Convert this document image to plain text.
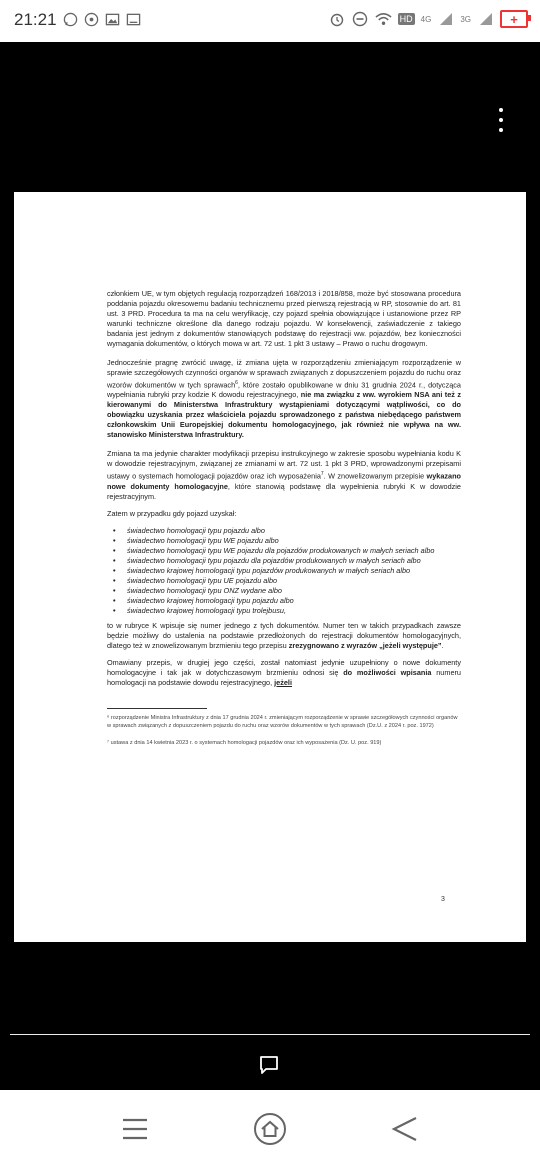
21:21	HD 4G	3G	+

członkiem UE, w tym objętych regulacją rozporządzeń 168/2013 i 2018/858, może być stosowana procedura poddania pojazdu okresowemu badaniu technicznemu przed pierwszą rejestracją w RP, stosownie do art. 81 ust. 3 PRD. Procedura ta ma na celu weryfikację, czy pojazd spełnia obowiązujące i ustanowione przez RP warunki techniczne określone dla danego rodzaju pojazdu. W konsekwencji, zaświadczenie z takiego badania jest jednym z dokumentów stanowiących podstawę do rejestracji ww. pojazdów, bez konieczności wymagania dokumentów, o których mowa w art. 72 ust. 1 pkt 3 ustawy – Prawo o ruchu drogowym.

Jednocześnie pragnę zwrócić uwagę, iż zmiana ujęta w rozporządzeniu zmieniającym rozporządzenie w sprawie szczegółowych czynności organów w sprawach związanych z dopuszczeniem pojazdu do ruchu oraz wzorów dokumentów w tych sprawach$^6$, które zostało opublikowane w dniu 31 grudnia 2024 r., dotycząca wypełniania rubryki przy kodzie K dowodu rejestracyjnego, nie ma związku z ww. wyrokiem NSA ani też z kierowanymi do Ministerstwa Infrastruktury wystąpieniami dotyczącymi wątpliwości, co do obowiązku uzyskania przez właściciela pojazdu sprowadzonego z państwa niebędącego państwem członkowskim Unii Europejskiej dokumentu homologacyjnego, jak również nie wpływa na ww. stanowisko Ministerstwa Infrastruktury.

Zmiana ta ma jedynie charakter modyfikacji przepisu instrukcyjnego w zakresie sposobu wypełniania kodu K w dowodzie rejestracyjnym, związanej ze zmianami w art. 72 ust. 1 pkt 3 PRD, wprowadzonymi przepisami ustawy o systemach homologacji pojazdów oraz ich wyposażenia$^7$. W znowelizowanym przepisie wykazano nowe dokumenty homologacyjne, które stanowią podstawę dla wypełnienia rubryki K w dowodzie rejestracyjnym.

Zatem w przypadku gdy pojazd uzyskał:

• świadectwo homologacji typu pojazdu albo
• świadectwo homologacji typu WE pojazdu albo
• świadectwo homologacji typu WE pojazdu dla pojazdów produkowanych w małych seriach albo
• świadectwo homologacji typu pojazdu dla pojazdów produkowanych w małych seriach albo
• świadectwo krajowej homologacji typu pojazdów produkowanych w małych seriach albo
• świadectwo homologacji typu UE pojazdu albo
• świadectwo homologacji typu ONZ wydane albo
• świadectwo krajowej homologacji typu pojazdu albo
• świadectwo krajowej homologacji typu trolejbusu,

to w rubryce K wpisuje się numer jednego z tych dokumentów. Numer ten w takich przypadkach zawsze będzie możliwy do ustalenia na podstawie przedłożonych do rejestracji dokumentów homologacyjnych, dlatego też w znowelizowanym brzmieniu tego przepisu zrezygnowano z wyrazów „jeżeli występuje”.

Omawiany przepis, w drugiej jego części, został natomiast jedynie uzupełniony o nowe dokumenty homologacyjne i tak jak w dotychczasowym brzmieniu odnosi się do możliwości wpisania numeru homologacji na podstawie dowodu rejestracyjnego, jeżeli

⁶ rozporządzenie Ministra Infrastruktury z dnia 17 grudnia 2024 r. zmieniającym rozporządzenie w sprawie szczegółowych czynności organów w sprawach związanych z dopuszczeniem pojazdu do ruchu oraz wzorów dokumentów w tych sprawach (Dz.U. z 2024 r. poz. 1972)

⁷ ustawa z dnia 14 kwietnia 2023 r. o systemach homologacji pojazdów oraz ich wyposażenia (Dz. U. poz. 919)

3
